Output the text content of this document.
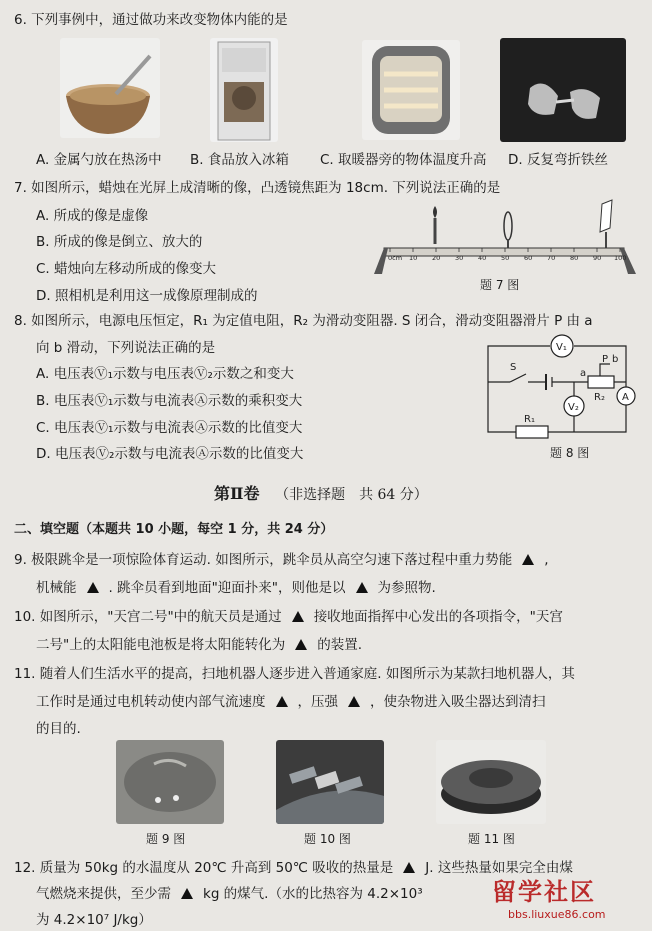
6. 下列事例中，通过做功来改变物体内能的是
A. 金属勺放在热汤中 B. 食品放入冰箱 C. 取暖器旁的物体温度升高 D. 反复弯折铁丝
7. 如图所示，蜡烛在光屏上成清晰的像，凸透镜焦距为 18cm. 下列说法正确的是
A. 所成的像是虚像
B. 所成的像是倒立、放大的
C. 蜡烛向左移动所成的像变大
D. 照相机是利用这一成像原理制成的
0cm 10 20 30 40 50 60 70 80 90 100
题 7 图
8. 如图所示，电源电压恒定，R₁ 为定值电阻，R₂ 为滑动变阻器. S 闭合，滑动变阻器滑片 P 由 a
向 b 滑动，下列说法正确的是
A. 电压表Ⓥ₁示数与电压表Ⓥ₂示数之和变大
B. 电压表Ⓥ₁示数与电流表Ⓐ示数的乘积变大
C. 电压表Ⓥ₁示数与电流表Ⓐ示数的比值变大
D. 电压表Ⓥ₂示数与电流表Ⓐ示数的比值变大
V₁
V₂
A
S
a
P b
R₂
R₁
题 8 图
第Ⅱ卷 （非选择题　共 64 分）
二、填空题（本题共 10 小题，每空 1 分，共 24 分）
9. 极限跳伞是一项惊险体育运动. 如图所示，跳伞员从高空匀速下落过程中重力势能 ,
机械能 . 跳伞员看到地面"迎面扑来"，则他是以 为参照物.
10. 如图所示，"天宫二号"中的航天员是通过 接收地面指挥中心发出的各项指令，"天宫
二号"上的太阳能电池板是将太阳能转化为 的装置.
11. 随着人们生活水平的提高，扫地机器人逐步进入普通家庭. 如图所示为某款扫地机器人，其
工作时是通过电机转动使内部气流速度 ，压强 ，使杂物进入吸尘器达到清扫
的目的.
题 9 图	题 10 图	题 11 图
12. 质量为 50kg 的水温度从 20℃ 升高到 50℃ 吸收的热量是 J. 这些热量如果完全由煤
气燃烧来提供，至少需 kg 的煤气.（水的比热容为 4.2×10³
为 4.2×10⁷ J/kg）
留学社区
bbs.liuxue86.com
